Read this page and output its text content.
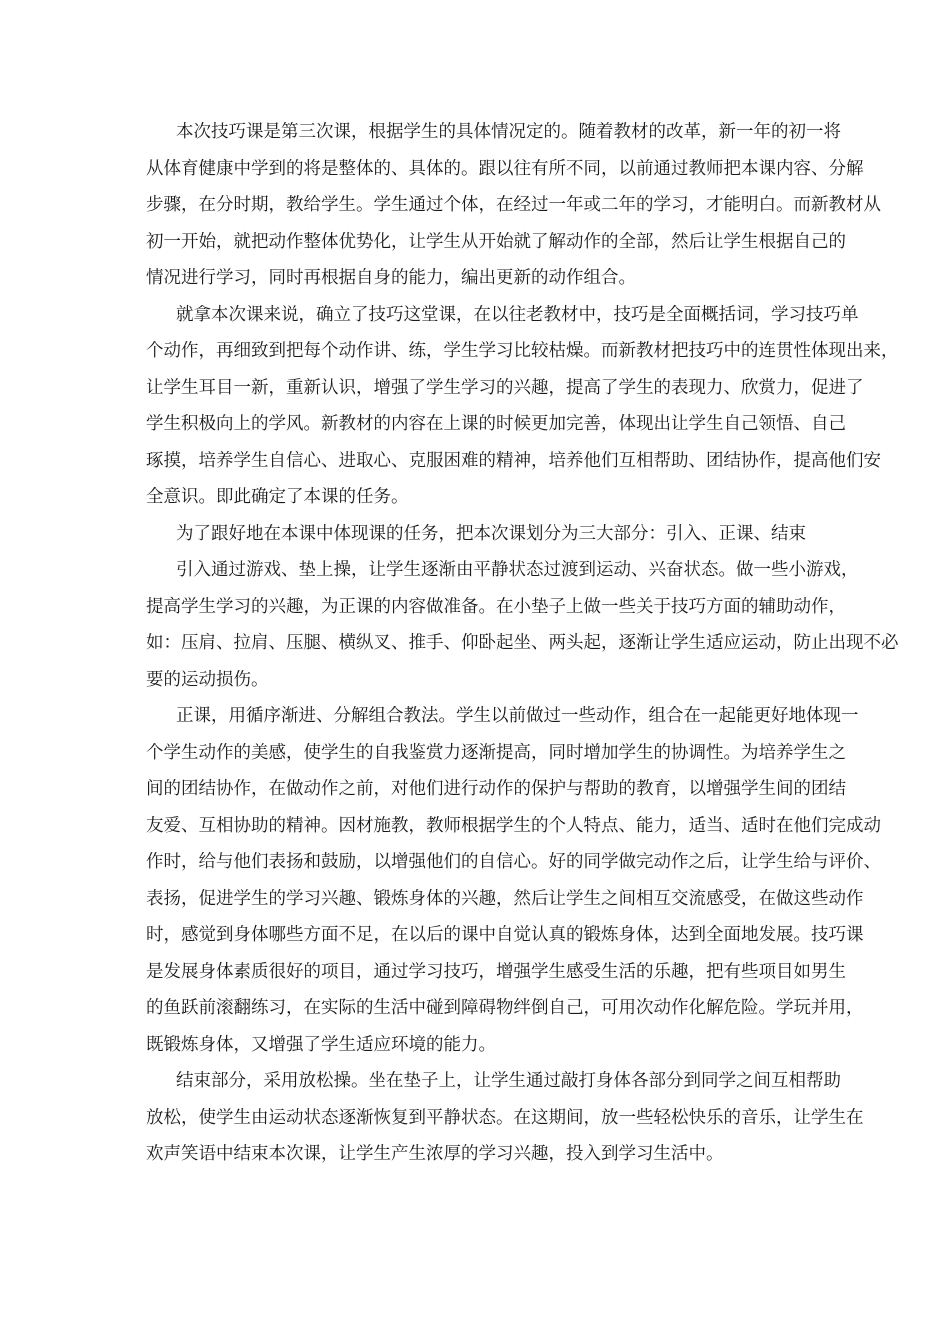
本次技巧课是第三次课，根据学生的具体情况定的。随着教材的改革，新一年的初一将
从体育健康中学到的将是整体的、具体的。跟以往有所不同，以前通过教师把本课内容、分解
步骤，在分时期，教给学生。学生通过个体，在经过一年或二年的学习，才能明白。而新教材从
初一开始，就把动作整体优势化，让学生从开始就了解动作的全部，然后让学生根据自己的
情况进行学习，同时再根据自身的能力，编出更新的动作组合。
就拿本次课来说，确立了技巧这堂课，在以往老教材中，技巧是全面概括词，学习技巧单
个动作，再细致到把每个动作讲、练，学生学习比较枯燥。而新教材把技巧中的连贯性体现出来，
让学生耳目一新，重新认识，增强了学生学习的兴趣，提高了学生的表现力、欣赏力，促进了
学生积极向上的学风。新教材的内容在上课的时候更加完善，体现出让学生自己领悟、自己
琢摸，培养学生自信心、进取心、克服困难的精神，培养他们互相帮助、团结协作，提高他们安
全意识。即此确定了本课的任务。
为了跟好地在本课中体现课的任务，把本次课划分为三大部分：引入、正课、结束
引入通过游戏、垫上操，让学生逐渐由平静状态过渡到运动、兴奋状态。做一些小游戏，
提高学生学习的兴趣，为正课的内容做准备。在小垫子上做一些关于技巧方面的辅助动作，
如：压肩、拉肩、压腿、横纵叉、推手、仰卧起坐、两头起，逐渐让学生适应运动，防止出现不必
要的运动损伤。
正课，用循序渐进、分解组合教法。学生以前做过一些动作，组合在一起能更好地体现一
个学生动作的美感，使学生的自我鉴赏力逐渐提高，同时增加学生的协调性。为培养学生之
间的团结协作，在做动作之前，对他们进行动作的保护与帮助的教育，以增强学生间的团结
友爱、互相协助的精神。因材施教，教师根据学生的个人特点、能力，适当、适时在他们完成动
作时，给与他们表扬和鼓励，以增强他们的自信心。好的同学做完动作之后，让学生给与评价、
表扬，促进学生的学习兴趣、锻炼身体的兴趣，然后让学生之间相互交流感受，在做这些动作
时，感觉到身体哪些方面不足，在以后的课中自觉认真的锻炼身体，达到全面地发展。技巧课
是发展身体素质很好的项目，通过学习技巧，增强学生感受生活的乐趣，把有些项目如男生
的鱼跃前滚翻练习，在实际的生活中碰到障碍物绊倒自己，可用次动作化解危险。学玩并用，
既锻炼身体，又增强了学生适应环境的能力。
结束部分，采用放松操。坐在垫子上，让学生通过敲打身体各部分到同学之间互相帮助
放松，使学生由运动状态逐渐恢复到平静状态。在这期间，放一些轻松快乐的音乐，让学生在
欢声笑语中结束本次课，让学生产生浓厚的学习兴趣，投入到学习生活中。
